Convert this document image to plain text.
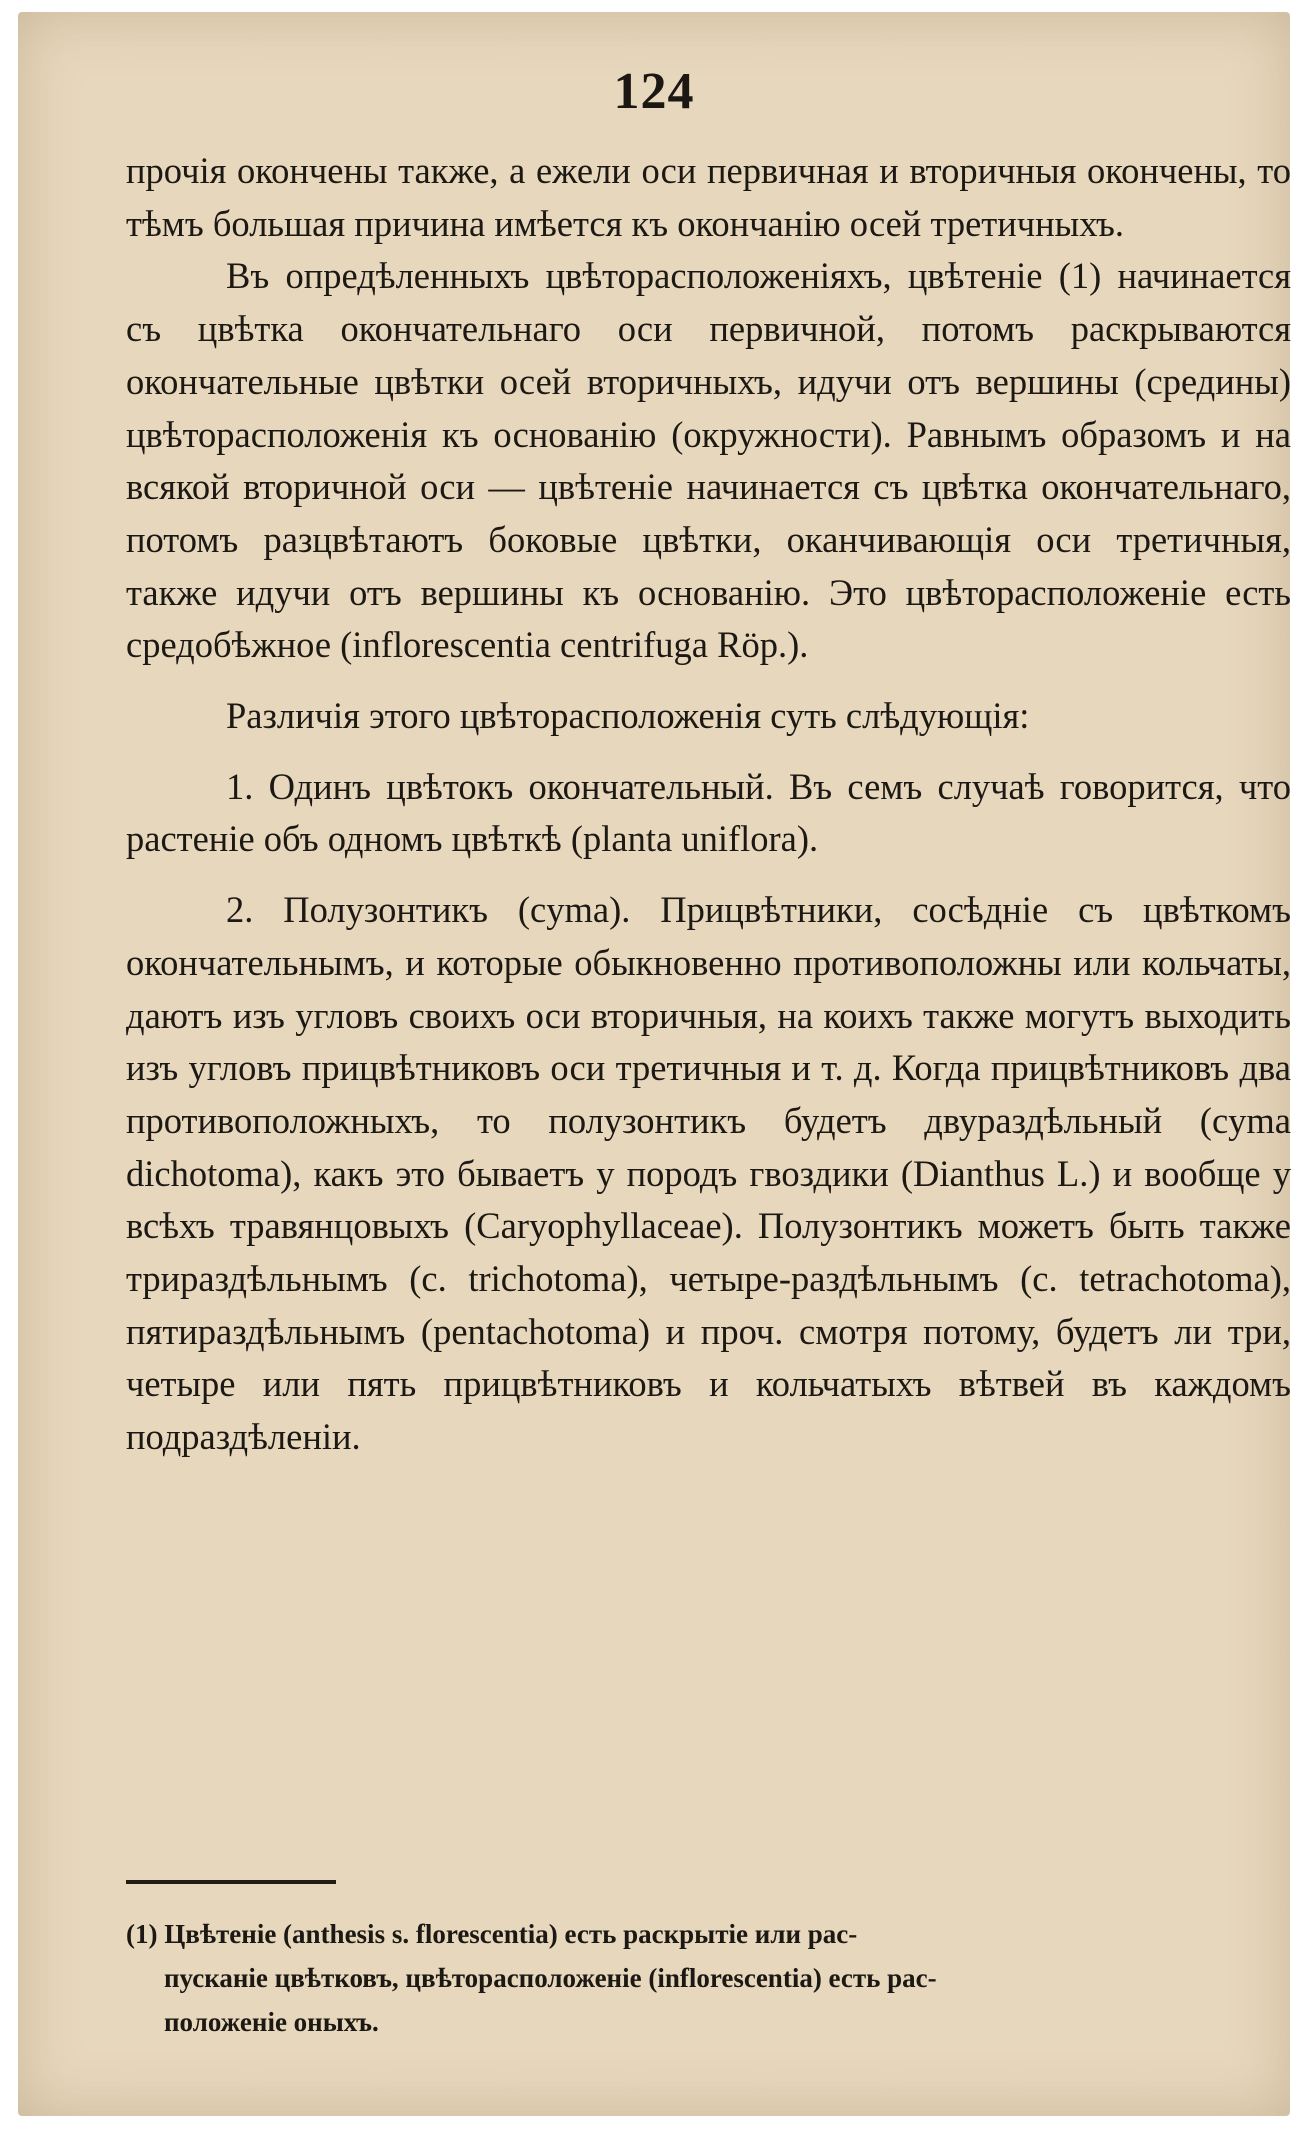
124

прочія окончены также, а ежели оси первичная и вторичныя окончены, то тѣмъ большая причина имѣется къ окончанію осей третичныхъ.

Въ опредѣленныхъ цвѣторасположеніяхъ, цвѣтеніе (1) начинается съ цвѣтка окончательнаго оси первичной, потомъ раскрываются окончательные цвѣтки осей вторичныхъ, идучи отъ вершины (средины) цвѣторасположенія къ основанію (окружности). Равнымъ образомъ и на всякой вторичной оси — цвѣтеніе начинается съ цвѣтка окончательнаго, потомъ разцвѣтаютъ боковые цвѣтки, оканчивающія оси третичныя, также идучи отъ вершины къ основанію. Это цвѣторасположеніе есть средобѣжное (inflorescentia centrifuga Röp.).

Различія этого цвѣторасположенія суть слѣдующія:

1. Одинъ цвѣтокъ окончательный. Въ семъ случаѣ говорится, что растеніе объ одномъ цвѣткѣ (planta uniflora).

2. Полузонтикъ (cyma). Прицвѣтники, сосѣдніе съ цвѣткомъ окончательнымъ, и которые обыкновенно противоположны или кольчаты, даютъ изъ угловъ своихъ оси вторичныя, на коихъ также могутъ выходить изъ угловъ прицвѣтниковъ оси третичныя и т. д. Когда прицвѣтниковъ два противоположныхъ, то полузонтикъ будетъ двураздѣльный (cyma dichotoma), какъ это бываетъ у породъ гвоздики (Dianthus L.) и вообще у всѣхъ травянцовыхъ (Caryophyllaceae). Полузонтикъ можетъ быть также трираздѣльнымъ (c. trichotoma), четыре-раздѣльнымъ (c. tetrachotoma), пятираздѣльнымъ (pentachotoma) и проч. смотря потому, будетъ ли три, четыре или пять прицвѣтниковъ и кольчатыхъ вѣтвей въ каждомъ подраздѣленіи.

(1) Цвѣтеніе (anthesis s. florescentia) есть раскрытіе или рас-

пусканіе цвѣтковъ, цвѣторасположеніе (inflorescentia) есть рас-

положеніе оныхъ.
